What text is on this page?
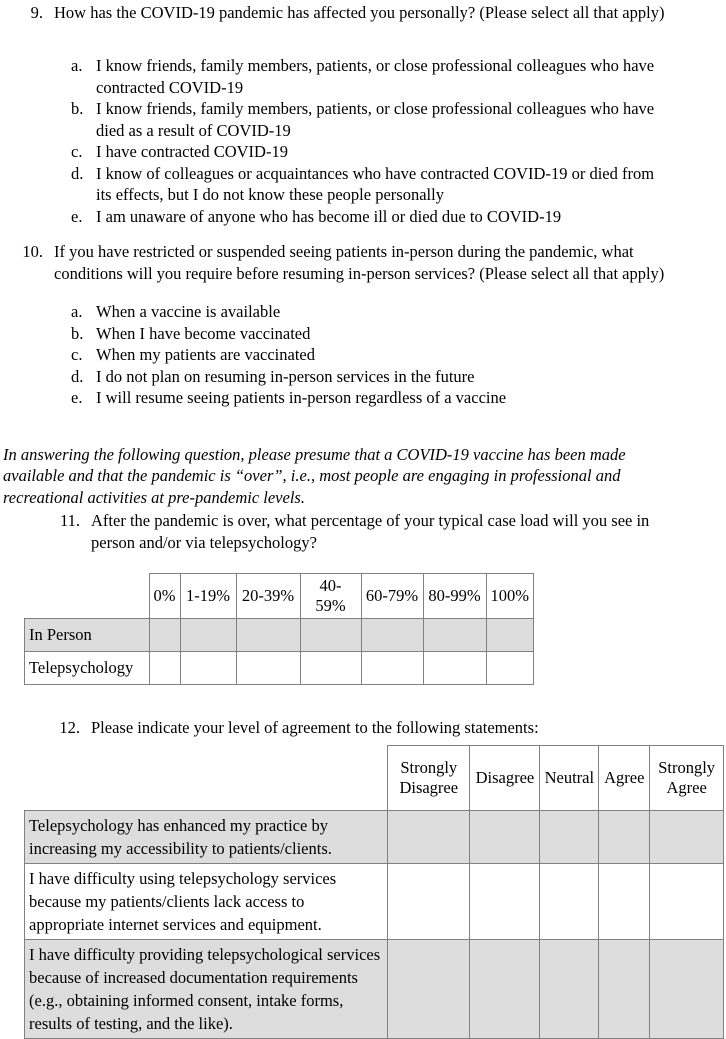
9. How has the COVID-19 pandemic has affected you personally? (Please select all that apply)
a. I know friends, family members, patients, or close professional colleagues who have contracted COVID-19
b. I know friends, family members, patients, or close professional colleagues who have died as a result of COVID-19
c. I have contracted COVID-19
d. I know of colleagues or acquaintances who have contracted COVID-19 or died from its effects, but I do not know these people personally
e. I am unaware of anyone who has become ill or died due to COVID-19
10. If you have restricted or suspended seeing patients in-person during the pandemic, what conditions will you require before resuming in-person services? (Please select all that apply)
a. When a vaccine is available
b. When I have become vaccinated
c. When my patients are vaccinated
d. I do not plan on resuming in-person services in the future
e. I will resume seeing patients in-person regardless of a vaccine

In answering the following question, please presume that a COVID-19 vaccine has been made available and that the pandemic is “over”, i.e., most people are engaging in professional and recreational activities at pre-pandemic levels.

11. After the pandemic is over, what percentage of your typical case load will you see in person and/or via telepsychology?
	0%	1-19%	20-39%	40-59%	60-79%	80-99%	100%
In Person							
Telepsychology							
12. Please indicate your level of agreement to the following statements:
	Strongly Disagree	Disagree	Neutral	Agree	Strongly Agree
Telepsychology has enhanced my practice by increasing my accessibility to patients/clients.					
I have difficulty using telepsychology services because my patients/clients lack access to appropriate internet services and equipment.					
I have difficulty providing telepsychological services because of increased documentation requirements (e.g., obtaining informed consent, intake forms, results of testing, and the like).					
